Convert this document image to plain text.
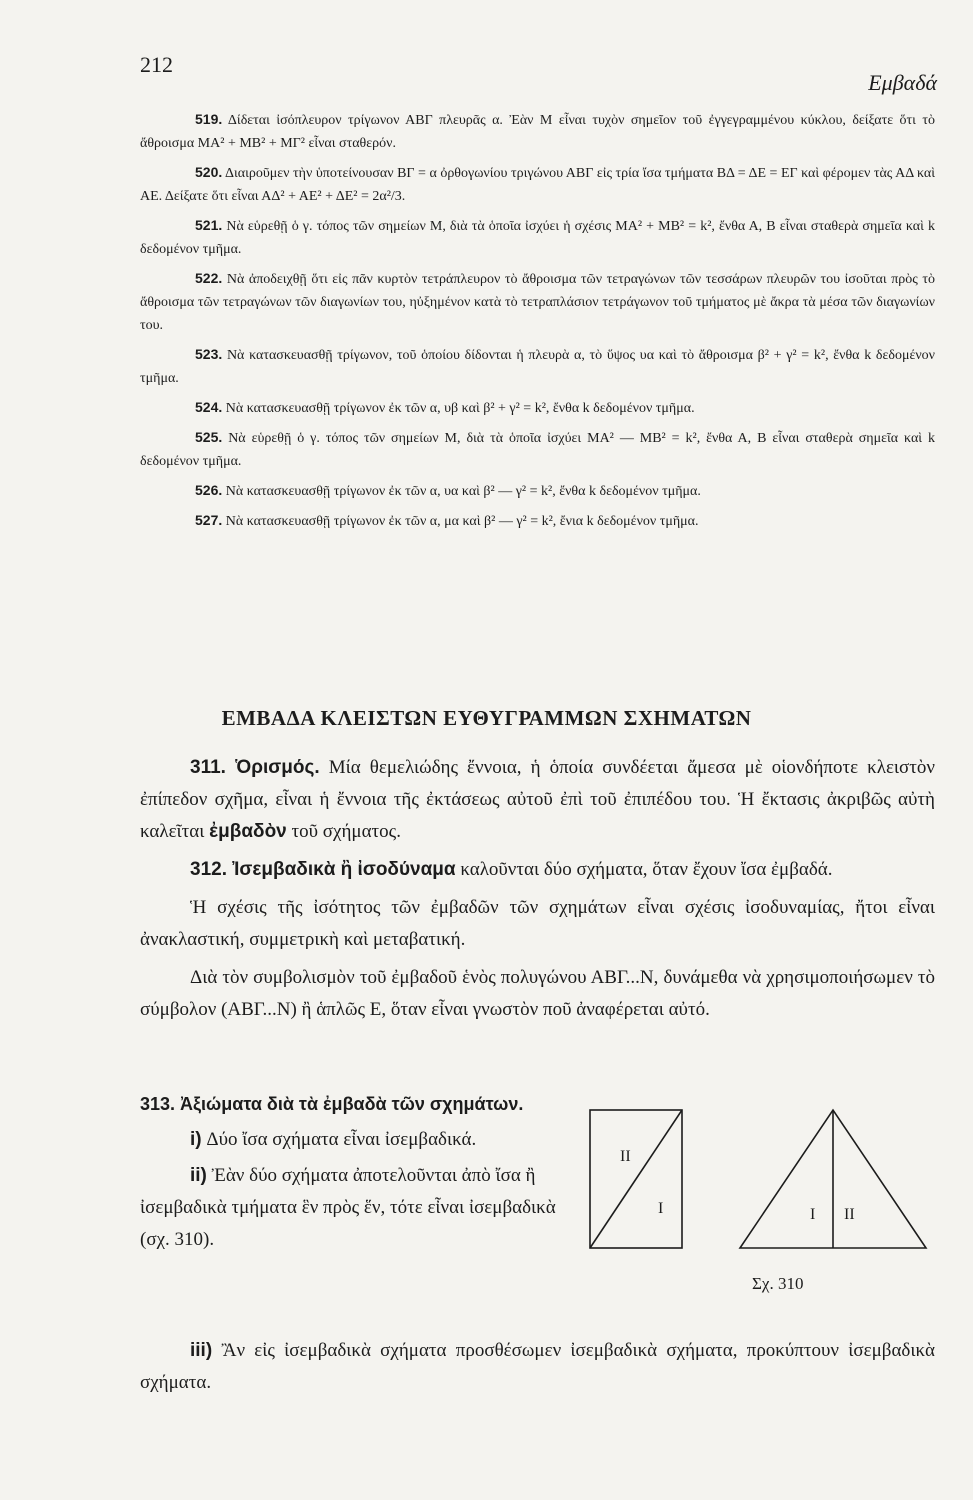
212
Εμβαδά

519. Δίδεται ἰσόπλευρον τρίγωνον ΑΒΓ πλευρᾶς α. Ἐὰν Μ εἶναι τυχὸν σημεῖον τοῦ ἐγγεγραμμένου κύκλου, δείξατε ὅτι τὸ ἄθροισμα ΜΑ² + ΜΒ² + ΜΓ² εἶναι σταθερόν.

520. Διαιροῦμεν τὴν ὑποτείνουσαν ΒΓ = α ὀρθογωνίου τριγώνου ΑΒΓ εἰς τρία ἴσα τμήματα ΒΔ = ΔΕ = ΕΓ καὶ φέρομεν τὰς ΑΔ καὶ ΑΕ. Δείξατε ὅτι εἶναι ΑΔ² + ΑΕ² + ΔΕ² = 2α²/3.

521. Νὰ εὑρεθῇ ὁ γ. τόπος τῶν σημείων Μ, διὰ τὰ ὁποῖα ἰσχύει ἡ σχέσις ΜΑ² + ΜΒ² = k², ἔνθα Α, Β εἶναι σταθερὰ σημεῖα καὶ k δεδομένον τμῆμα.

522. Νὰ ἀποδειχθῇ ὅτι εἰς πᾶν κυρτὸν τετράπλευρον τὸ ἄθροισμα τῶν τετραγώνων τῶν τεσσάρων πλευρῶν του ἰσοῦται πρὸς τὸ ἄθροισμα τῶν τετραγώνων τῶν διαγωνίων του, ηὐξημένον κατὰ τὸ τετραπλάσιον τετράγωνον τοῦ τμήματος μὲ ἄκρα τὰ μέσα τῶν διαγωνίων του.

523. Νὰ κατασκευασθῇ τρίγωνον, τοῦ ὁποίου δίδονται ἡ πλευρὰ α, τὸ ὕψος υα καὶ τὸ ἄθροισμα β² + γ² = k², ἔνθα k δεδομένον τμῆμα.

524. Νὰ κατασκευασθῇ τρίγωνον ἐκ τῶν α, υβ καὶ β² + γ² = k², ἔνθα k δεδομένον τμῆμα.

525. Νὰ εὑρεθῇ ὁ γ. τόπος τῶν σημείων Μ, διὰ τὰ ὁποῖα ἰσχύει ΜΑ² — ΜΒ² = k², ἔνθα Α, Β εἶναι σταθερὰ σημεῖα καὶ k δεδομένον τμῆμα.

526. Νὰ κατασκευασθῇ τρίγωνον ἐκ τῶν α, υα καὶ β² — γ² = k², ἔνθα k δεδομένον τμῆμα.

527. Νὰ κατασκευασθῇ τρίγωνον ἐκ τῶν α, μα καὶ β² — γ² = k², ἔνια k δεδομένον τμῆμα.

ΕΜΒΑΔΑ ΚΛΕΙΣΤΩΝ ΕΥΘΥΓΡΑΜΜΩΝ ΣΧΗΜΑΤΩΝ

311. Ὁρισμός. Μία θεμελιώδης ἔννοια, ἡ ὁποία συνδέεται ἄμεσα μὲ οἱονδήποτε κλειστὸν ἐπίπεδον σχῆμα, εἶναι ἡ ἔννοια τῆς ἐκτάσεως αὐτοῦ ἐπὶ τοῦ ἐπιπέδου του. Ἡ ἔκτασις ἀκριβῶς αὐτὴ καλεῖται ἐμβαδὸν τοῦ σχήματος.

312. Ἰσεμβαδικὰ ἢ ἰσοδύναμα καλοῦνται δύο σχήματα, ὅταν ἔχουν ἴσα ἐμβαδά.

Ἡ σχέσις τῆς ἰσότητος τῶν ἐμβαδῶν τῶν σχημάτων εἶναι σχέσις ἰσοδυναμίας, ἤτοι εἶναι ἀνακλαστική, συμμετρικὴ καὶ μεταβατική.

Διὰ τὸν συμβολισμὸν τοῦ ἐμβαδοῦ ἑνὸς πολυγώνου ΑΒΓ...Ν, δυνάμεθα νὰ χρησιμοποιήσωμεν τὸ σύμβολον (ΑΒΓ...Ν) ἢ ἁπλῶς Ε, ὅταν εἶναι γνωστὸν ποῦ ἀναφέρεται αὐτό.

313. Ἀξιώματα διὰ τὰ ἐμβαδὰ τῶν σχημάτων.

i) Δύο ἴσα σχήματα εἶναι ἰσεμβαδικά.

ii) Ἐὰν δύο σχήματα ἀποτελοῦνται ἀπὸ ἴσα ἢ ἰσεμβαδικὰ τμήματα ἓν πρὸς ἕν, τότε εἶναι ἰσεμβαδικὰ (σχ. 310).

II
I	I II
Σχ. 310

iii) Ἂν εἰς ἰσεμβαδικὰ σχήματα προσθέσωμεν ἰσεμβαδικὰ σχήματα, προκύπτουν ἰσεμβαδικὰ σχήματα.
